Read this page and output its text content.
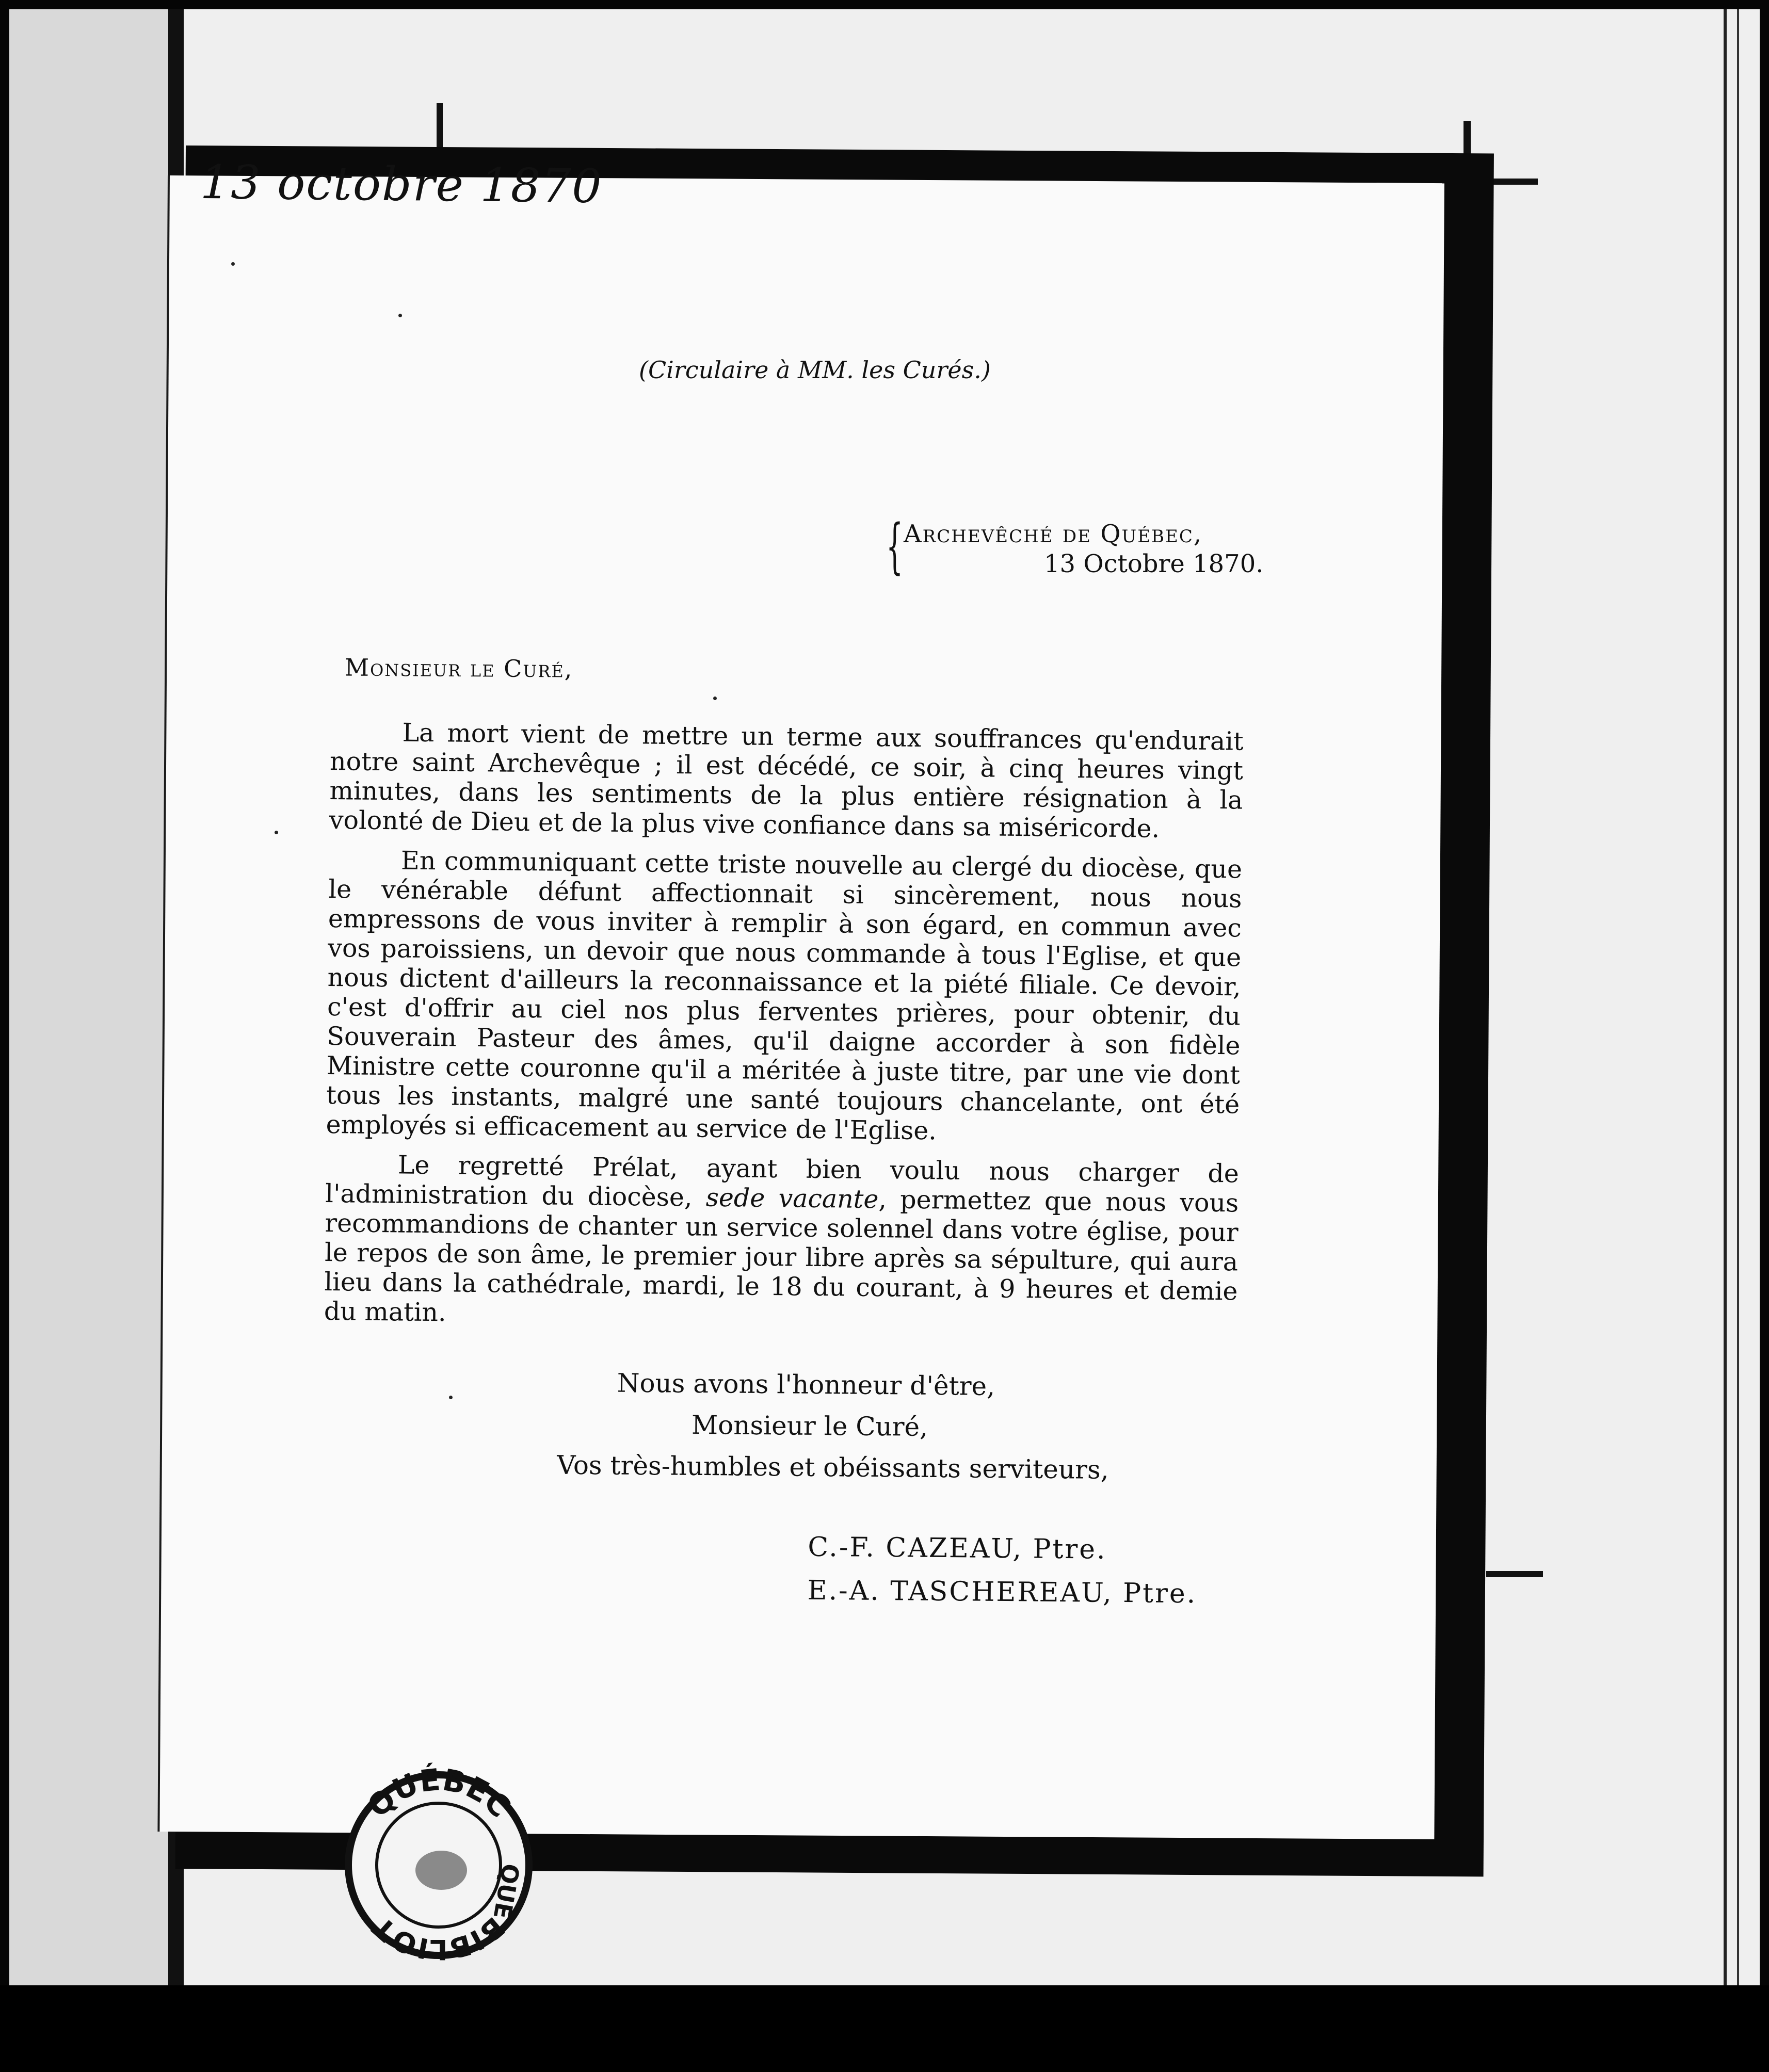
13 octobre 1870
(Circulaire à MM. les Curés.)
{ Archevêché de Québec,
13 Octobre 1870.
Monsieur le Curé,

La mort vient de mettre un terme aux souffrances qu'endurait notre saint Archevêque ; il est décédé, ce soir, à cinq heures vingt minutes, dans les sentiments de la plus entière résignation à la volonté de Dieu et de la plus vive confiance dans sa miséricorde.

En communiquant cette triste nouvelle au clergé du diocèse, que le vénérable défunt affectionnait si sincèrement, nous nous empressons de vous inviter à remplir à son égard, en commun avec vos paroissiens, un devoir que nous commande à tous l'Eglise, et que nous dictent d'ailleurs la reconnaissance et la piété filiale. Ce devoir, c'est d'offrir au ciel nos plus ferventes prières, pour obtenir, du Souverain Pasteur des âmes, qu'il daigne accorder à son fidèle Ministre cette couronne qu'il a méritée à juste titre, par une vie dont tous les instants, malgré une santé toujours chancelante, ont été employés si efficacement au service de l'Eglise.

Le regretté Prélat, ayant bien voulu nous charger de l'administration du diocèse, sede vacante, permettez que nous vous recommandions de chanter un service solennel dans votre église, pour le repos de son âme, le premier jour libre après sa sépulture, qui aura lieu dans la cathédrale, mardi, le 18 du courant, à 9 heures et demie du matin.

Nous avons l'honneur d'être,
Monsieur le Curé,
Vos très-humbles et obéissants serviteurs,
C.-F. CAZEAU, Ptre.
E.-A. TASCHEREAU, Ptre.
BIBLIOT
QUÉBEC
QUE
